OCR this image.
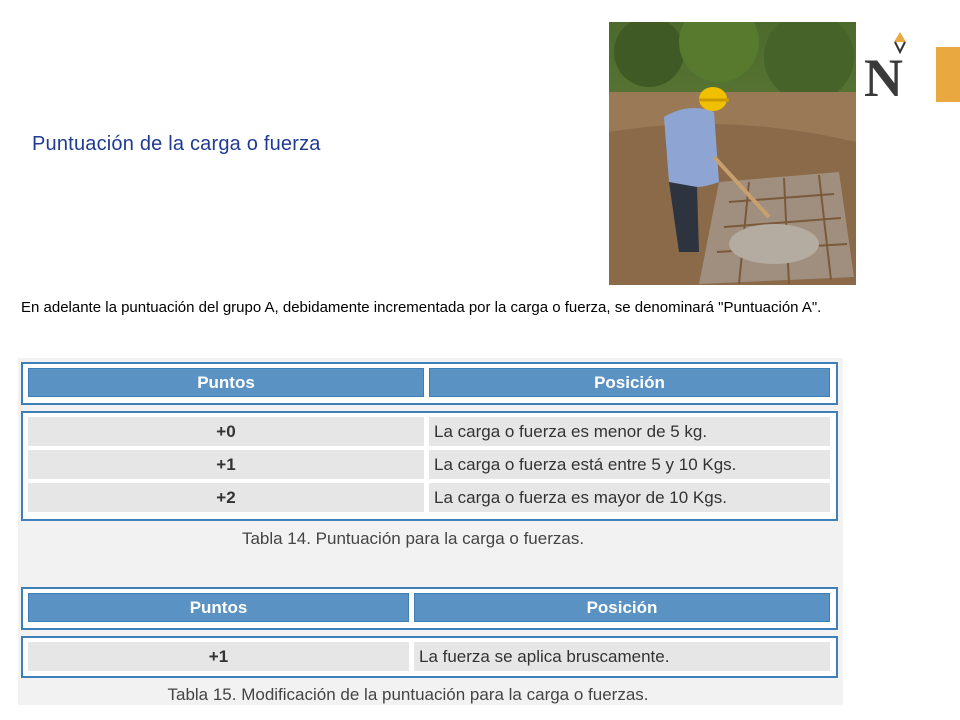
Puntuación de la carga o fuerza
N
En adelante la puntuación del grupo A, debidamente incrementada por la carga o fuerza, se denominará "Puntuación A".
Puntos	Posición
+0	La carga o fuerza es menor de 5 kg.
+1	La carga o fuerza está entre 5 y 10 Kgs.
+2	La carga o fuerza es mayor de 10 Kgs.
Tabla 14. Puntuación para la carga o fuerzas.
Puntos	Posición
+1	La fuerza se aplica bruscamente.
Tabla 15. Modificación de la puntuación para la carga o fuerzas.
